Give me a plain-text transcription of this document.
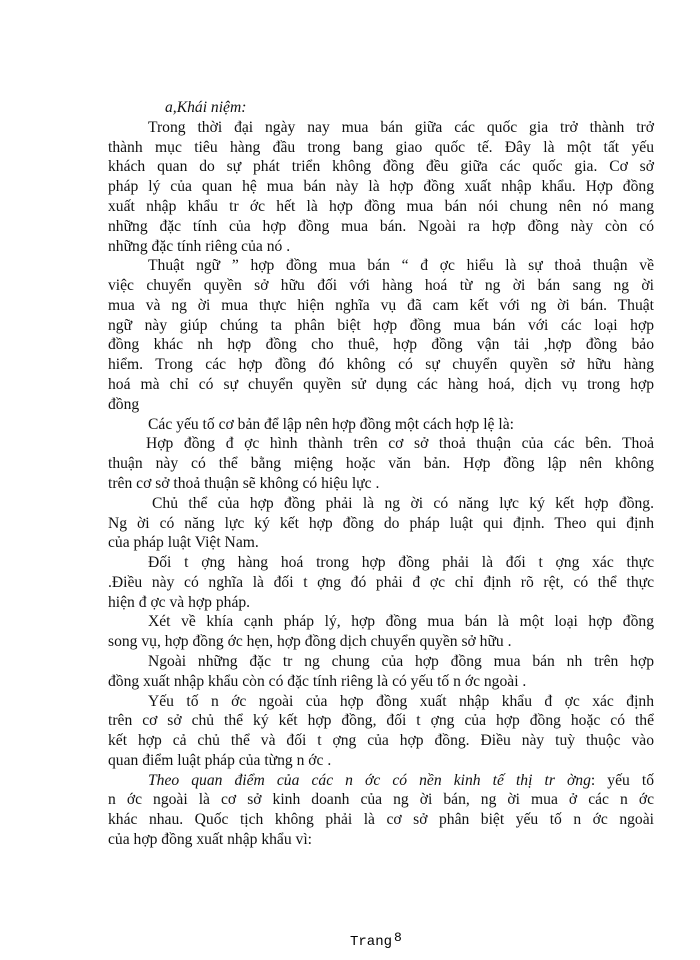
a,Khái niệm:
Trong thời đại ngày nay mua bán giữa các quốc gia trở thành trở
thành mục tiêu hàng đầu trong bang giao quốc tế. Đây là một tất yếu
khách quan do sự phát triển không đồng đều giữa các quốc gia. Cơ sở
pháp lý của quan hệ mua bán này là hợp đồng xuất nhập khẩu. Hợp đồng
xuất nhập khẩu tr ớc hết là hợp đồng mua bán nói chung nên nó mang
những đặc tính của hợp đồng mua bán. Ngoài ra hợp đồng này còn có
những đặc tính riêng của nó .
Thuật ngữ ” hợp đồng mua bán “ đ ợc hiểu là sự thoả thuận về
việc chuyển quyền sở hữu đối với hàng hoá từ ng ời bán sang ng ời
mua và ng ời mua thực hiện nghĩa vụ đã cam kết với ng ời bán. Thuật
ngữ này giúp chúng ta phân biệt hợp đồng mua bán với các loại hợp
đồng khác nh hợp đồng cho thuê, hợp đồng vận tải ,hợp đồng bảo
hiểm. Trong các hợp đồng đó không có sự chuyển quyền sở hữu hàng
hoá mà chỉ có sự chuyển quyền sử dụng các hàng hoá, dịch vụ trong hợp
đồng
Các yếu tố cơ bản để lập nên hợp đồng một cách hợp lệ là:
Hợp đồng đ ợc hình thành trên cơ sở thoả thuận của các bên. Thoả
thuận này có thể bằng miệng hoặc văn bản. Hợp đồng lập nên không
trên cơ sở thoả thuận sẽ không có hiệu lực .
Chủ thể của hợp đồng phải là ng ời có năng lực ký kết hợp đồng.
Ng ời có năng lực ký kết hợp đồng do pháp luật qui định. Theo qui định
của pháp luật Việt Nam.
Đối t ợng hàng hoá trong hợp đồng phải là đối t ợng xác thực
.Điều này có nghĩa là đối t ợng đó phải đ ợc chỉ định rõ rệt, có thể thực
hiện đ ợc và hợp pháp.
Xét về khía cạnh pháp lý, hợp đồng mua bán là một loại hợp đồng
song vụ, hợp đồng ớc hẹn, hợp đồng dịch chuyển quyền sở hữu .
Ngoài những đặc tr ng chung của hợp đồng mua bán nh trên hợp
đồng xuất nhập khẩu còn có đặc tính riêng là có yếu tố n ớc ngoài .
Yếu tố n ớc ngoài của hợp đồng xuất nhập khẩu đ ợc xác định
trên cơ sở chủ thể ký kết hợp đồng, đối t ợng của hợp đồng hoặc có thể
kết hợp cả chủ thể và đối t ợng của hợp đồng. Điều này tuỳ thuộc vào
quan điểm luật pháp của từng n ớc .
Theo quan điểm của các n ớc có nền kinh tế thị tr ờng: yếu tố
n ớc ngoài là cơ sở kinh doanh của ng ời bán, ng ời mua ở các n ớc
khác nhau. Quốc tịch không phải là cơ sở phân biệt yếu tố n ớc ngoài
của hợp đồng xuất nhập khẩu vì:
Trang $^8$
